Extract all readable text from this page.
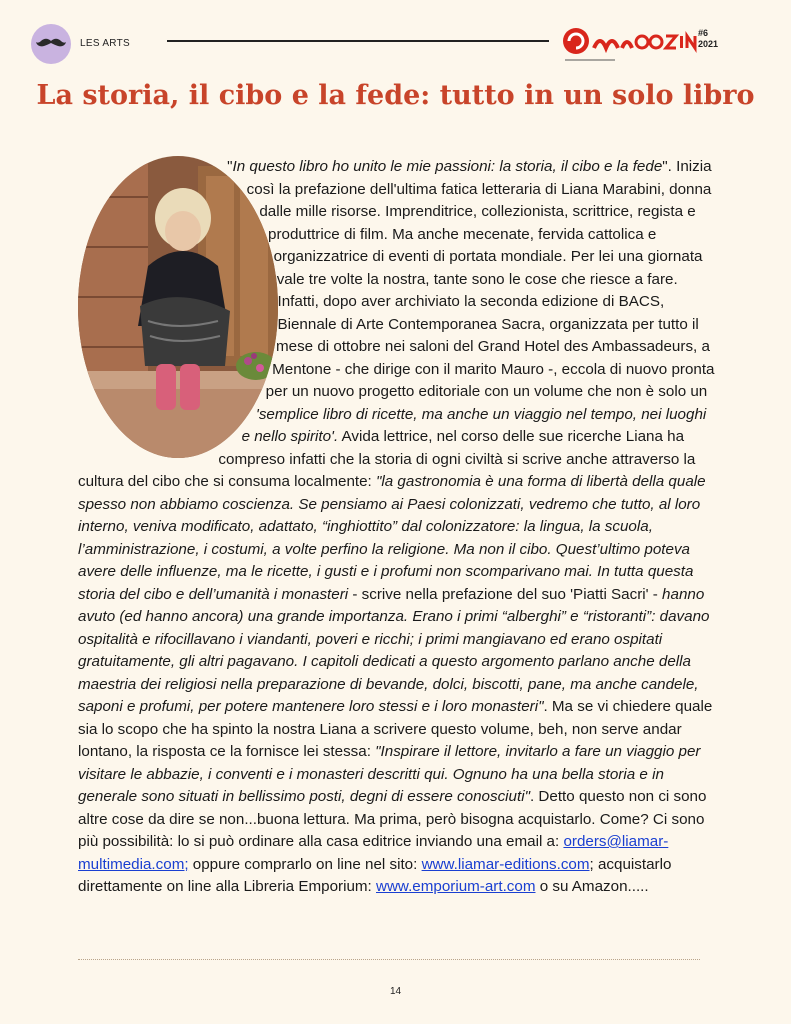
LES ARTS
#6
2021
La storia, il cibo e la fede: tutto in un solo libro
"In questo libro ho unito le mie passioni: la storia, il cibo e la fede". Inizia così la prefazione dell'ultima fatica letteraria di Liana Marabini, donna dalle mille risorse. Imprenditrice, collezionista, scrittrice, regista e produttrice di film. Ma anche mecenate, fervida cattolica e organizzatrice di eventi di portata mondiale. Per lei una giornata vale tre volte la nostra, tante sono le cose che riesce a fare. Infatti, dopo aver archiviato la seconda edizione di BACS, Biennale di Arte Contemporanea Sacra, organizzata per tutto il mese di ottobre nei saloni del Grand Hotel des Ambassadeurs, a Mentone - che dirige con il marito Mauro -, eccola di nuovo pronta per un nuovo progetto editoriale con un volume che non è solo un 'semplice libro di ricette, ma anche un viaggio nel tempo, nei luoghi e nello spirito'. Avida lettrice, nel corso delle sue ricerche Liana ha compreso infatti che la storia di ogni civiltà si scrive anche attraverso la cultura del cibo che si consuma localmente: "la gastronomia è una forma di libertà della quale spesso non abbiamo coscienza. Se pensiamo ai Paesi colonizzati, vedremo che tutto, al loro interno, veniva modificato, adattato, “inghiottito” dal colonizzatore: la lingua, la scuola, l’amministrazione, i costumi, a volte perfino la religione. Ma non il cibo. Quest’ultimo poteva avere delle influenze, ma le ricette, i gusti e i profumi non scomparivano mai. In tutta questa storia del cibo e dell’umanità i monasteri - scrive nella prefazione del suo 'Piatti Sacri' - hanno avuto (ed hanno ancora) una grande importanza. Erano i primi “alberghi” e “ristoranti”: davano ospitalità e rifocillavano i viandanti, poveri e ricchi; i primi mangiavano ed erano ospitati gratuitamente, gli altri pagavano. I capitoli dedicati a questo argomento parlano anche della maestria dei religiosi nella preparazione di bevande, dolci, biscotti, pane, ma anche candele, saponi e profumi, per potere mantenere loro stessi e i loro monasteri". Ma se vi chiedere quale sia lo scopo che ha spinto la nostra Liana a scrivere questo volume, beh, non serve andar lontano, la risposta ce la fornisce lei stessa: "Inspirare il lettore, invitarlo a fare un viaggio per visitare le abbazie, i conventi e i monasteri descritti qui. Ognuno ha una bella storia e in generale sono situati in bellissimo posti, degni di essere conosciuti". Detto questo non ci sono altre cose da dire se non...buona lettura. Ma prima, però bisogna acquistarlo. Come? Ci sono più possibilità: lo si può ordinare alla casa editrice inviando una email a: orders@liamar-multimedia.com; oppure comprarlo on line nel sito: www.liamar-editions.com; acquistarlo direttamente on line alla Libreria Emporium: www.emporium-art.com o su Amazon.....
14
